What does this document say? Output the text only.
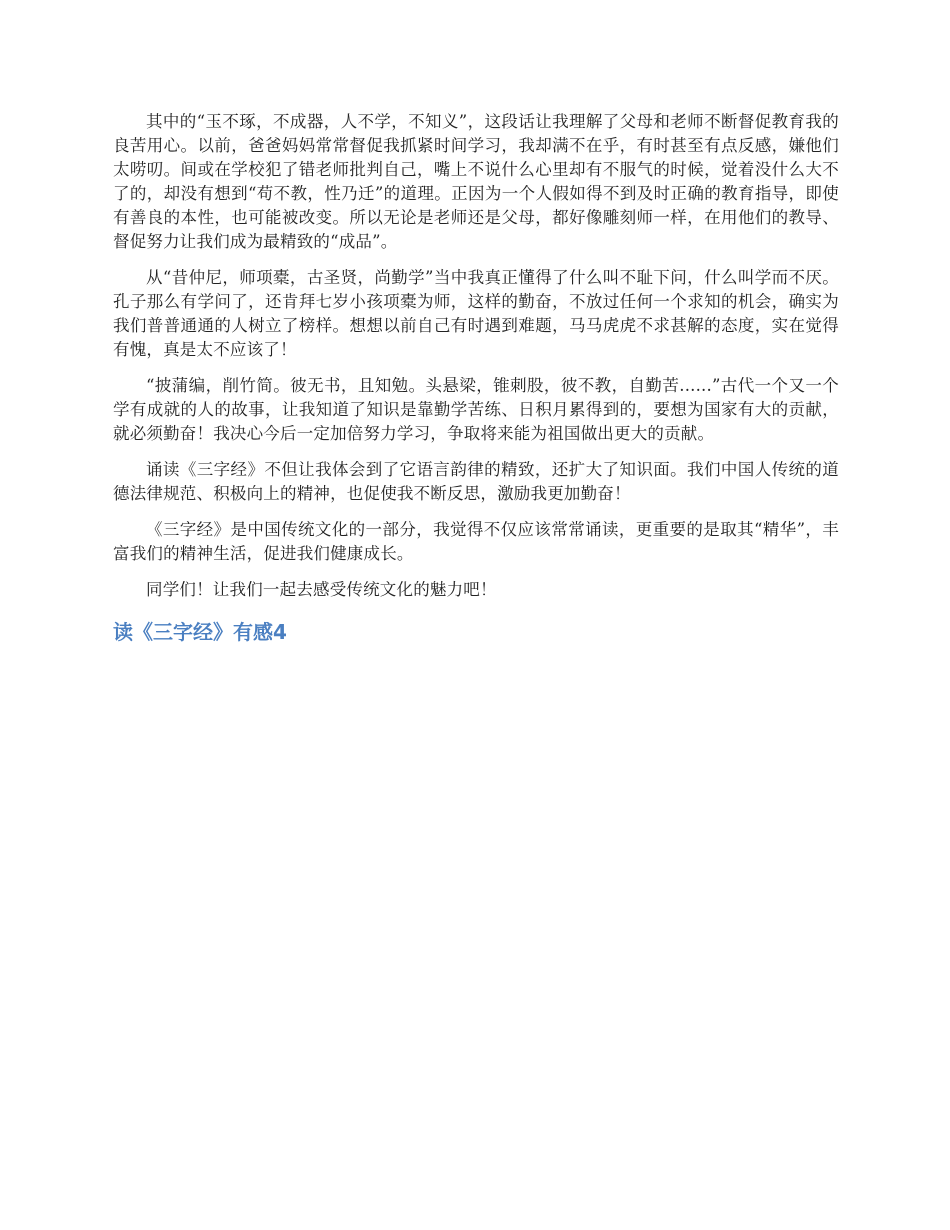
其中的“玉不琢，不成器，人不学，不知义”，这段话让我理解了父母和老师不断督促教育我的良苦用心。以前，爸爸妈妈常常督促我抓紧时间学习，我却满不在乎，有时甚至有点反感，嫌他们太唠叨。间或在学校犯了错老师批判自己，嘴上不说什么心里却有不服气的时候，觉着没什么大不了的，却没有想到“苟不教，性乃迁”的道理。正因为一个人假如得不到及时正确的教育指导，即使有善良的本性，也可能被改变。所以无论是老师还是父母，都好像雕刻师一样，在用他们的教导、督促努力让我们成为最精致的“成品”。

从“昔仲尼，师项橐，古圣贤，尚勤学”当中我真正懂得了什么叫不耻下问，什么叫学而不厌。孔子那么有学问了，还肯拜七岁小孩项橐为师，这样的勤奋，不放过任何一个求知的机会，确实为我们普普通通的人树立了榜样。想想以前自己有时遇到难题，马马虎虎不求甚解的态度，实在觉得有愧，真是太不应该了！

“披蒲编，削竹简。彼无书，且知勉。头悬梁，锥刺股，彼不教，自勤苦......”古代一个又一个学有成就的人的故事，让我知道了知识是靠勤学苦练、日积月累得到的，要想为国家有大的贡献，就必须勤奋！我决心今后一定加倍努力学习，争取将来能为祖国做出更大的贡献。

诵读《三字经》不但让我体会到了它语言韵律的精致，还扩大了知识面。我们中国人传统的道德法律规范、积极向上的精神，也促使我不断反思，激励我更加勤奋！

《三字经》是中国传统文化的一部分，我觉得不仅应该常常诵读，更重要的是取其“精华”，丰富我们的精神生活，促进我们健康成长。

同学们！让我们一起去感受传统文化的魅力吧！

读《三字经》有感4
